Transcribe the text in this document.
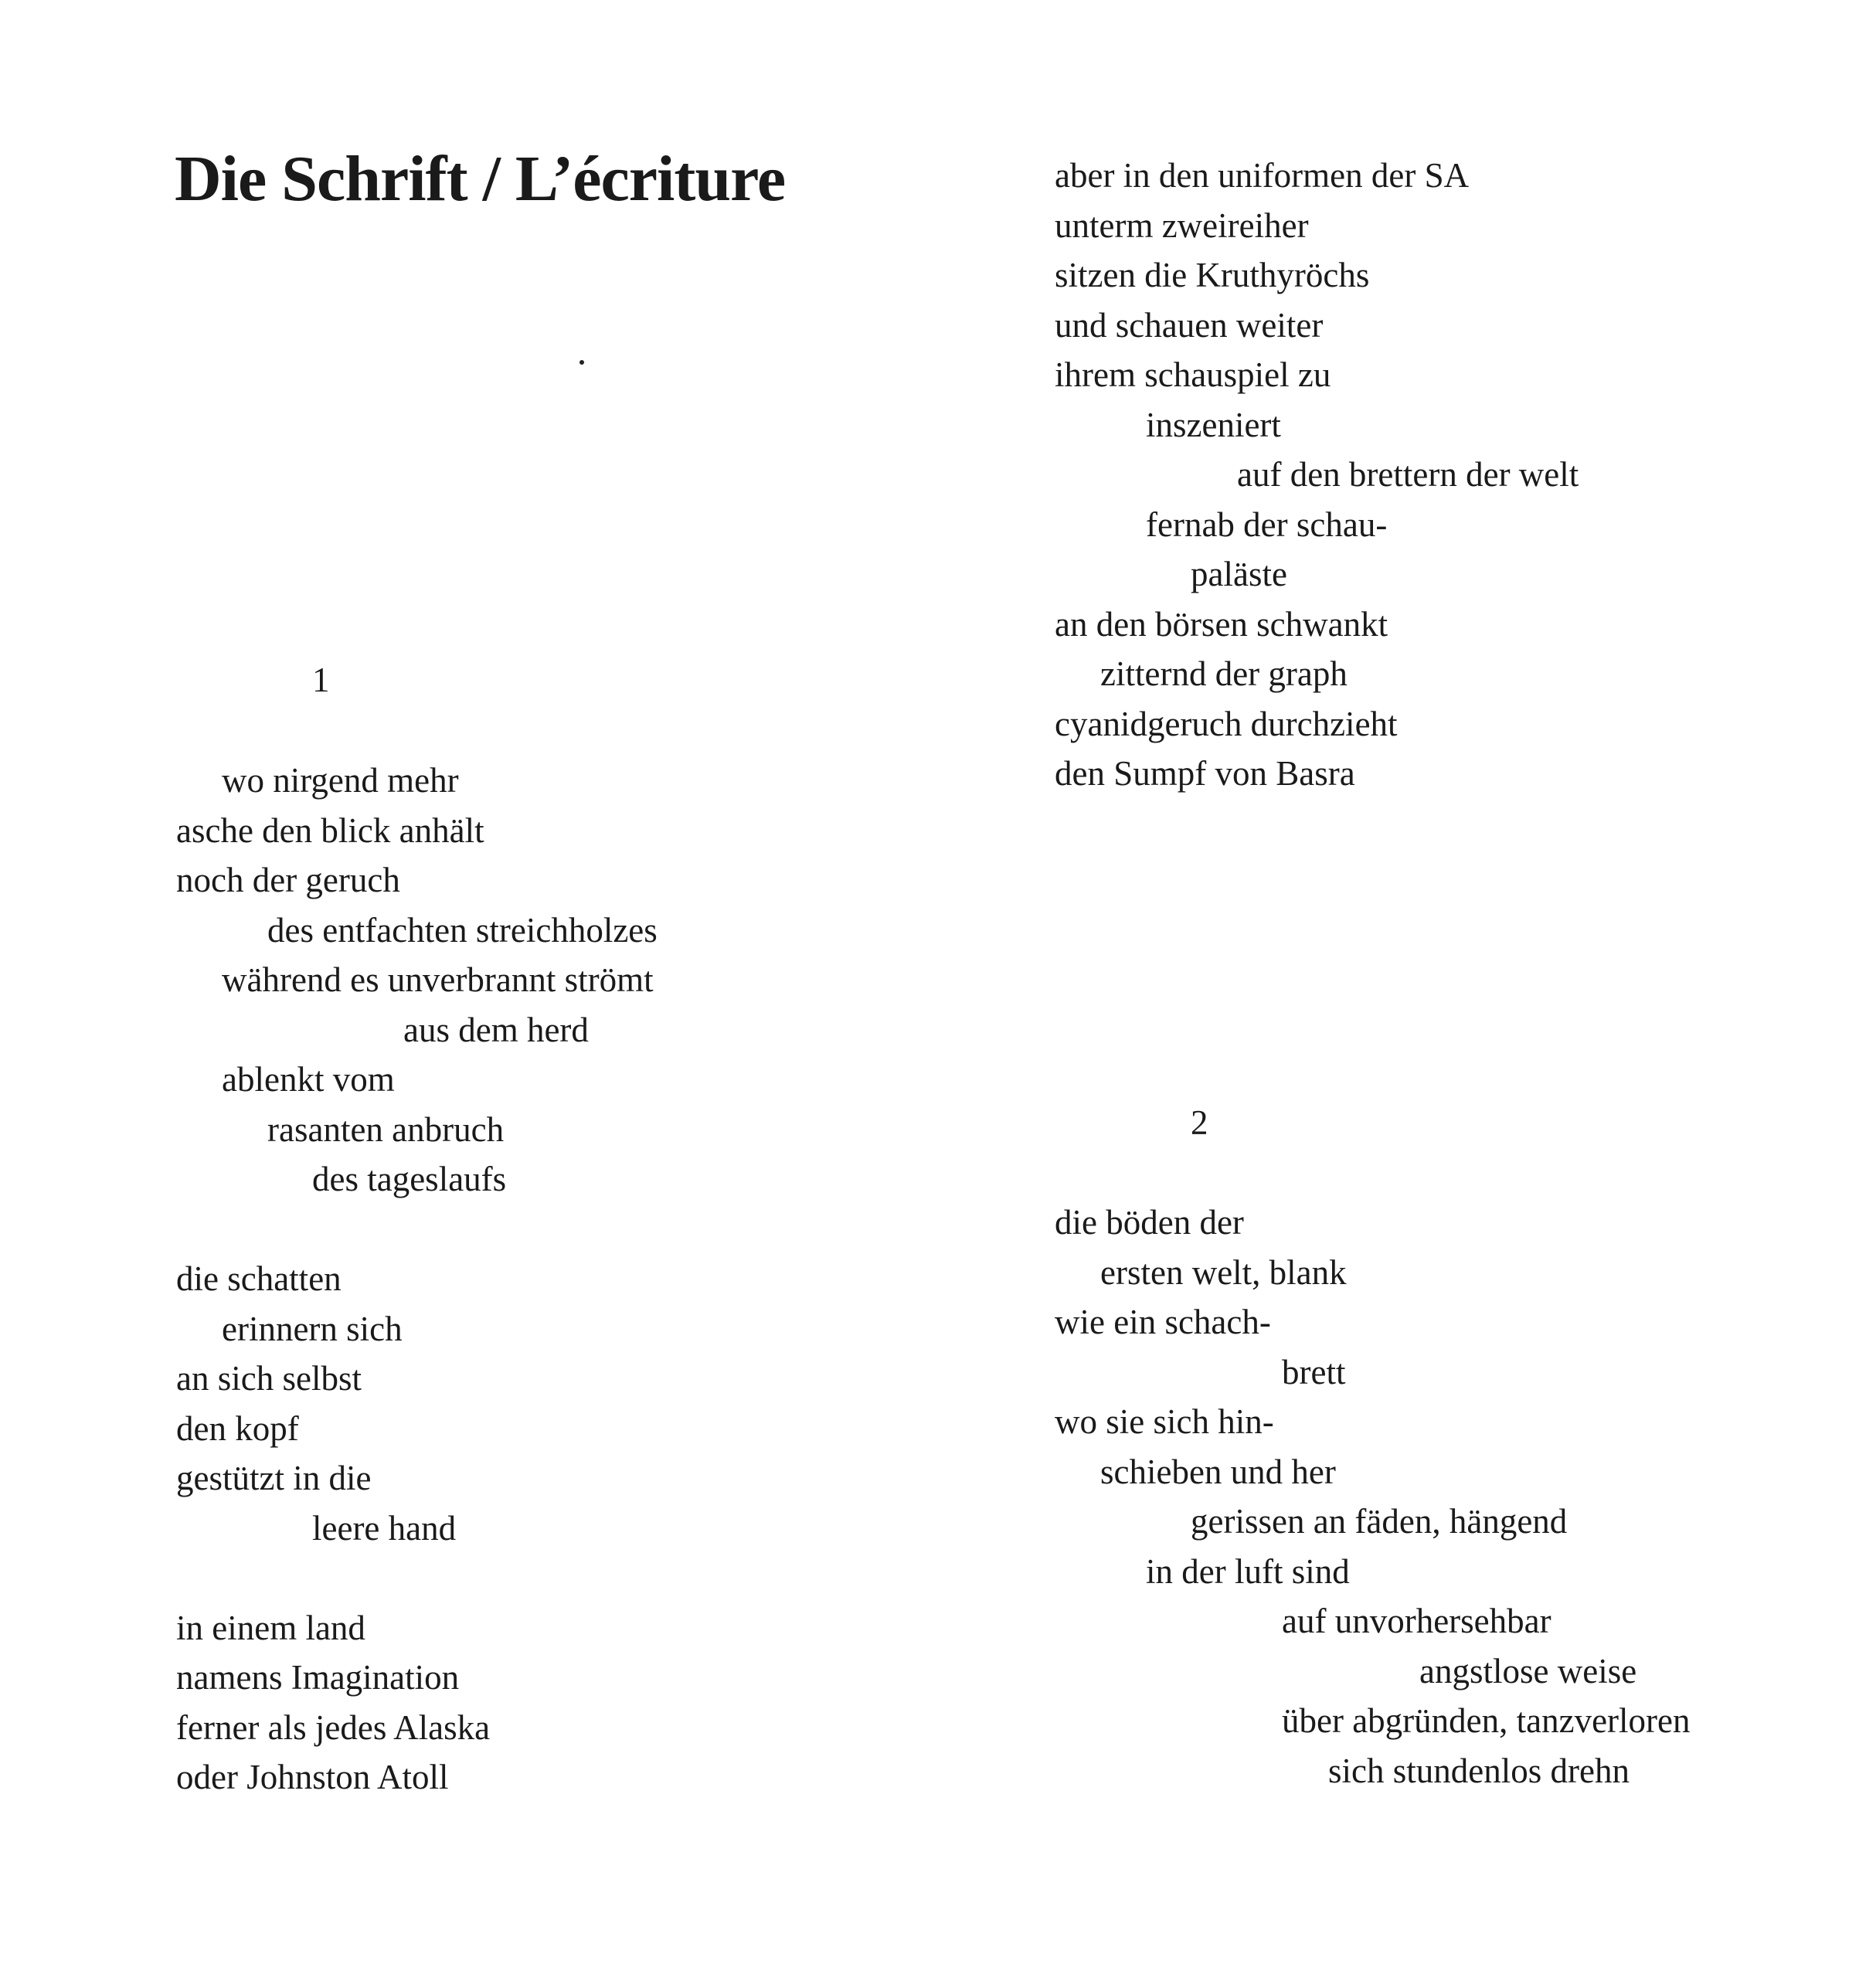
Die Schrift / L’écriture
1
wo nirgend mehr
asche den blick anhält
noch der geruch
des entfachten streichholzes
während es unverbrannt strömt
aus dem herd
ablenkt vom
rasanten anbruch
des tageslaufs
die schatten
erinnern sich
an sich selbst
den kopf
gestützt in die
leere hand
in einem land
namens Imagination
ferner als jedes Alaska
oder Johnston Atoll
aber in den uniformen der SA
unterm zweireiher
sitzen die Kruthyröchs
und schauen weiter
ihrem schauspiel zu
inszeniert
auf den brettern der welt
fernab der schau-
paläste
an den börsen schwankt
zitternd der graph
cyanidgeruch durchzieht
den Sumpf von Basra
2
die böden der
ersten welt, blank
wie ein schach-
brett
wo sie sich hin-
schieben und her
gerissen an fäden, hängend
in der luft sind
auf unvorhersehbar
angstlose weise
über abgründen, tanzverloren
sich stundenlos drehn
